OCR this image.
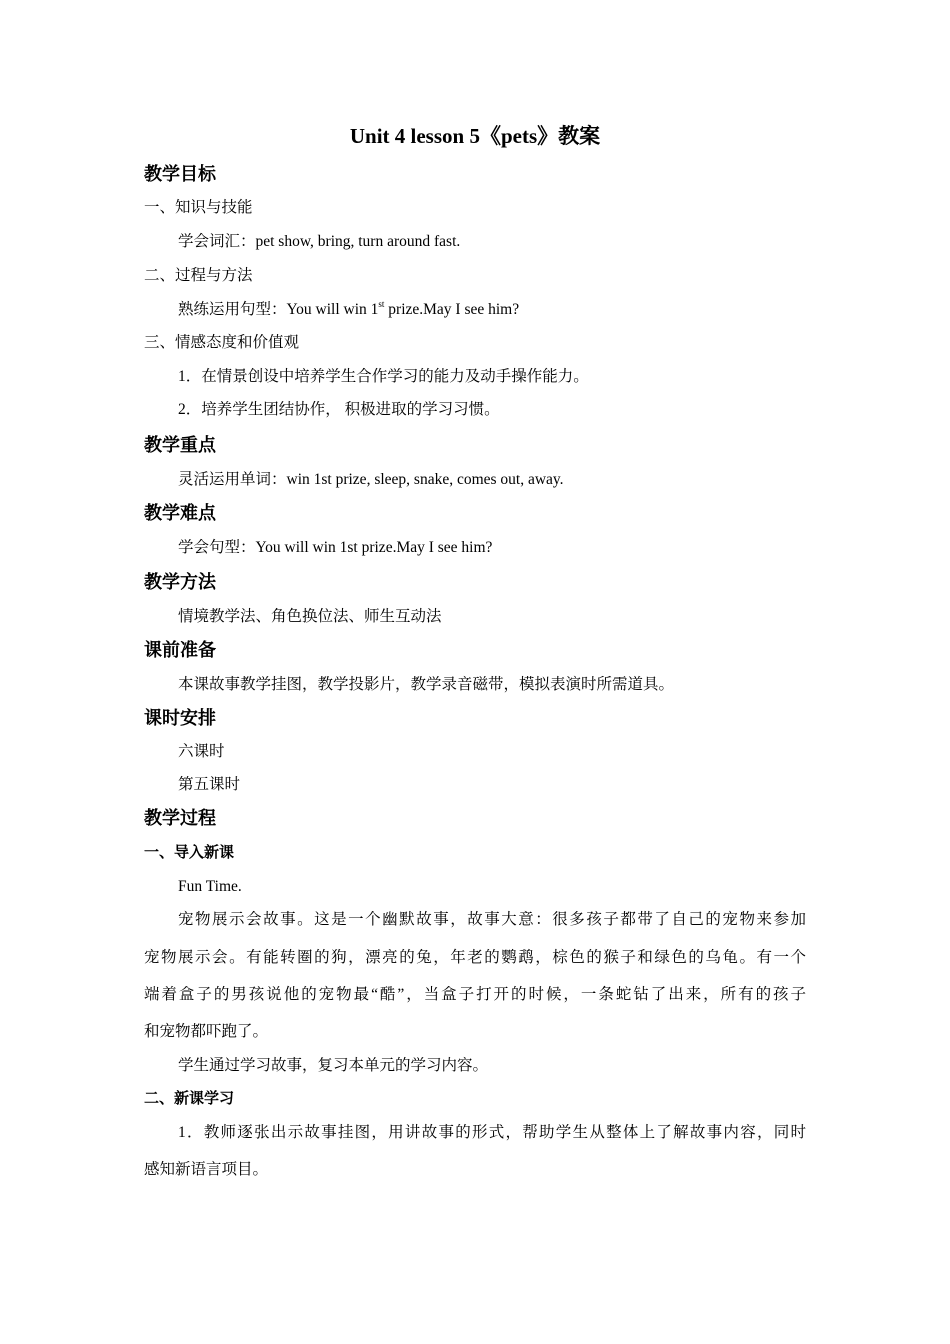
Unit 4 lesson 5《pets》教案
教学目标
一、知识与技能
学会词汇：pet show, bring, turn around fast.
二、过程与方法
熟练运用句型：You will win 1st prize.May I see him?
三、情感态度和价值观
1．在情景创设中培养学生合作学习的能力及动手操作能力。
2．培养学生团结协作， 积极进取的学习习惯。
教学重点
灵活运用单词：win 1st prize, sleep, snake, comes out, away.
教学难点
学会句型：You will win 1st prize.May I see him?
教学方法
情境教学法、角色换位法、师生互动法
课前准备
本课故事教学挂图，教学投影片，教学录音磁带，模拟表演时所需道具。
课时安排
六课时
第五课时
教学过程
一、导入新课
Fun Time.
宠物展示会故事。这是一个幽默故事，故事大意：很多孩子都带了自己的宠物来参加
宠物展示会。有能转圈的狗，漂亮的兔，年老的鹦鹉，棕色的猴子和绿色的乌龟。有一个
端着盒子的男孩说他的宠物最“酷”，当盒子打开的时候，一条蛇钻了出来，所有的孩子
和宠物都吓跑了。
学生通过学习故事，复习本单元的学习内容。
二、新课学习
1．教师逐张出示故事挂图，用讲故事的形式，帮助学生从整体上了解故事内容，同时
感知新语言项目。
